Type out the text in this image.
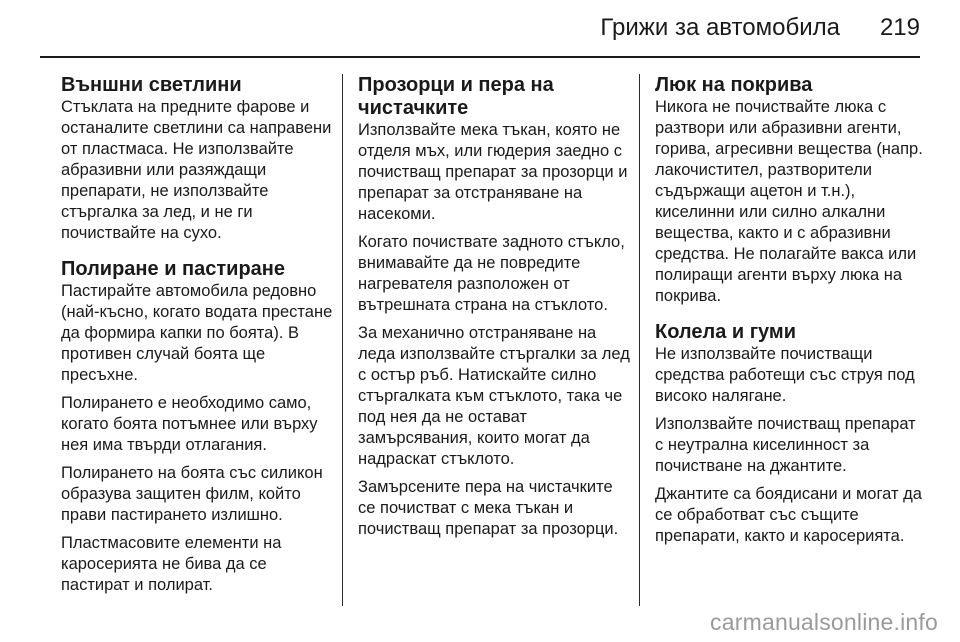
Грижи за автомобила 219
Външни светлини

Стъклата на предните фарове и
останалите светлини са направени
от пластмаса. Не използвайте
абразивни или разяждащи
препарати, не използвайте
стъргалка за лед, и не ги
почиствайте на сухо.

Полиране и пастиране

Пастирайте автомобила редовно
(най-късно, когато водата престане
да формира капки по боята). В
противен случай боята ще
пресъхне.

Полирането е необходимо само,
когато боята потъмнее или върху
нея има твърди отлагания.

Полирането на боята със силикон
образува защитен филм, който
прави пастирането излишно.

Пластмасовите елементи на
каросерията не бива да се
пастират и полират.

Прозорци и пера на
чистачките

Използвайте мека тъкан, която не
отделя мъх, или гюдерия заедно с
почистващ препарат за прозорци и
препарат за отстраняване на
насекоми.

Когато почиствате задното стъкло,
внимавайте да не повредите
нагревателя разположен от
вътрешната страна на стъклото.

За механично отстраняване на
леда използвайте стъргалки за лед
с остър ръб. Натискайте силно
стъргалката към стъклото, така че
под нея да не остават
замърсявания, които могат да
надраскат стъклото.

Замърсените пера на чистачките
се почистват с мека тъкан и
почистващ препарат за прозорци.

Люк на покрива

Никога не почиствайте люка с
разтвори или абразивни агенти,
горива, агресивни вещества (напр.
лакочистител, разтворители
съдържащи ацетон и т.н.),
киселинни или силно алкални
вещества, както и с абразивни
средства. Не полагайте вакса или
полиращи агенти върху люка на
покрива.

Колела и гуми

Не използвайте почистващи
средства работещи със струя под
високо налягане.

Използвайте почистващ препарат
с неутрална киселинност за
почистване на джантите.

Джантите са боядисани и могат да
се обработват със същите
препарати, както и каросерията.

carmanualsonline.info
